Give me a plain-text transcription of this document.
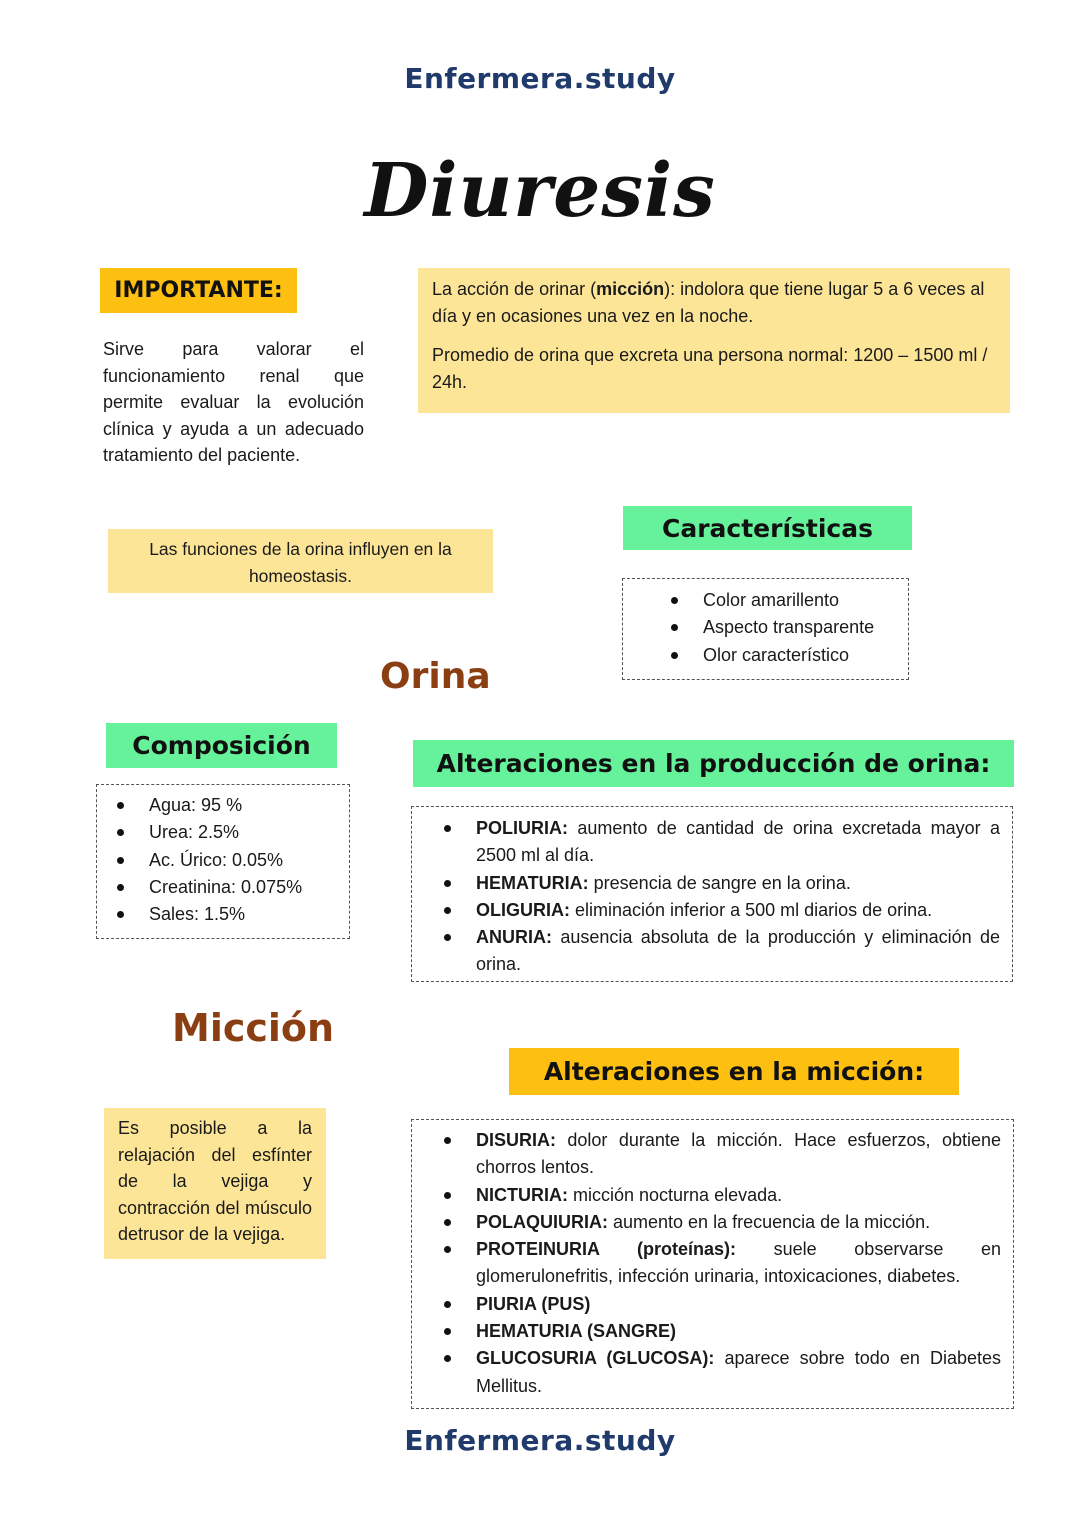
Enfermera.study
Diuresis
IMPORTANTE:
Sirve para valorar el funcionamiento renal que permite evaluar la evolución clínica y ayuda a un adecuado tratamiento del paciente.

La acción de orinar (micción): indolora que tiene lugar 5 a 6 veces al día y en ocasiones una vez en la noche.

Promedio de orina que excreta una persona normal: 1200 – 1500 ml / 24h.

Las funciones de la orina influyen en la homeostasis.
Características
Color amarillento
Aspecto transparente
Olor característico
Orina
Composición
Agua: 95 %
Urea: 2.5%
Ac. Úrico: 0.05%
Creatinina: 0.075%
Sales: 1.5%
Alteraciones en la producción de orina:
POLIURIA: aumento de cantidad de orina excretada mayor a 2500 ml al día.
HEMATURIA: presencia de sangre en la orina.
OLIGURIA: eliminación inferior a 500 ml diarios de orina.
ANURIA: ausencia absoluta de la producción y eliminación de orina.
Micción
Es posible a la relajación del esfínter de la vejiga y contracción del músculo detrusor de la vejiga.
Alteraciones en la micción:
DISURIA: dolor durante la micción. Hace esfuerzos, obtiene chorros lentos.
NICTURIA: micción nocturna elevada.
POLAQUIURIA: aumento en la frecuencia de la micción.
PROTEINURIA (proteínas): suele observarse en glomerulonefritis, infección urinaria, intoxicaciones, diabetes.
PIURIA (PUS)
HEMATURIA (SANGRE)
GLUCOSURIA (GLUCOSA): aparece sobre todo en Diabetes Mellitus.
Enfermera.study
